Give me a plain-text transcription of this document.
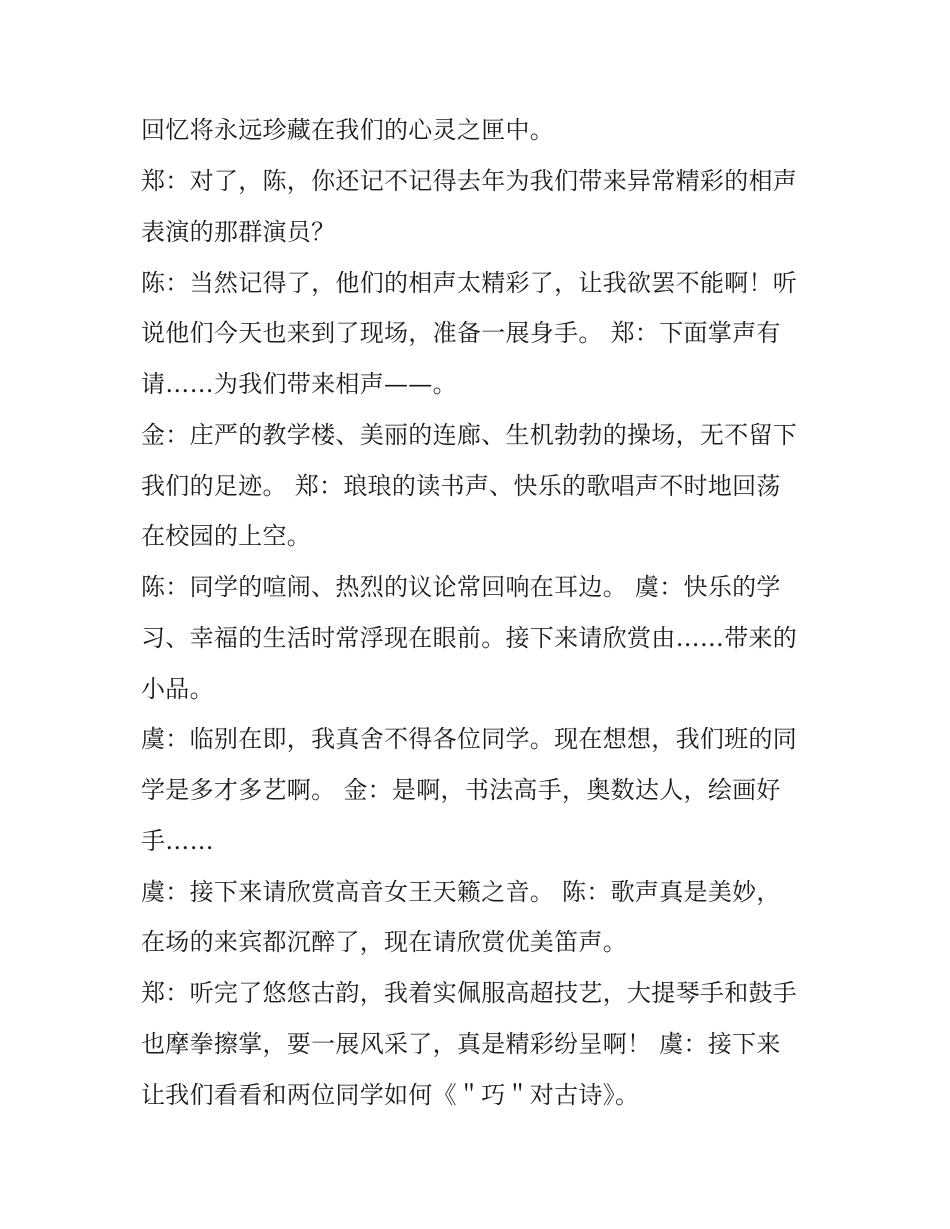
回忆将永远珍藏在我们的心灵之匣中。

郑：对了，陈，你还记不记得去年为我们带来异常精彩的相声

表演的那群演员？

陈：当然记得了，他们的相声太精彩了，让我欲罢不能啊！听

说他们今天也来到了现场，准备一展身手。 郑：下面掌声有

请……为我们带来相声——。

金：庄严的教学楼、美丽的连廊、生机勃勃的操场，无不留下

我们的足迹。 郑：琅琅的读书声、快乐的歌唱声不时地回荡

在校园的上空。

陈：同学的喧闹、热烈的议论常回响在耳边。 虞：快乐的学

习、幸福的生活时常浮现在眼前。接下来请欣赏由……带来的

小品。

虞：临别在即，我真舍不得各位同学。现在想想，我们班的同

学是多才多艺啊。 金：是啊，书法高手，奥数达人，绘画好

手……

虞：接下来请欣赏高音女王天籁之音。 陈：歌声真是美妙，

在场的来宾都沉醉了，现在请欣赏优美笛声。

郑：听完了悠悠古韵，我着实佩服高超技艺，大提琴手和鼓手

也摩拳擦掌，要一展风采了，真是精彩纷呈啊！ 虞：接下来

让我们看看和两位同学如何《＂巧＂对古诗》。
